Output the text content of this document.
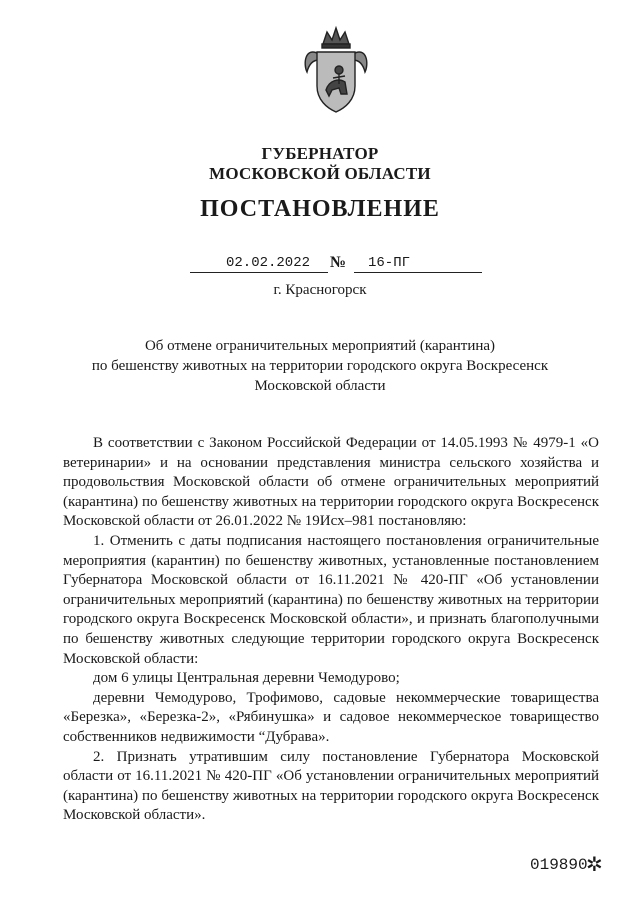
ГУБЕРНАТОР
МОСКОВСКОЙ ОБЛАСТИ
ПОСТАНОВЛЕНИЕ
02.02.2022 № 16-ПГ
г. Красногорск
Об отмене ограничительных мероприятий (карантина)
по бешенству животных на территории городского округа Воскресенск
Московской области

В соответствии с Законом Российской Федерации от 14.05.1993 № 4979-1 «О ветеринарии» и на основании представления министра сельского хозяйства и продовольствия Московской области об отмене ограничительных мероприятий (карантина) по бешенству животных на территории городского округа Воскресенск Московской области от 26.01.2022 № 19Исх–981 постановляю:

1. Отменить с даты подписания настоящего постановления ограничительные мероприятия (карантин) по бешенству животных, установленные постановлением Губернатора Московской области от 16.11.2021 № 420-ПГ «Об установлении ограничительных мероприятий (карантина) по бешенству животных на территории городского округа Воскресенск Московской области», и признать благополучными по бешенству животных следующие территории городского округа Воскресенск Московской области:

дом 6 улицы Центральная деревни Чемодурово;

деревни Чемодурово, Трофимово, садовые некоммерческие товарищества «Березка», «Березка-2», «Рябинушка» и садовое некоммерческое товарищество собственников недвижимости “Дубрава».

2. Признать утратившим силу постановление Губернатора Московской области от 16.11.2021 № 420-ПГ «Об установлении ограничительных мероприятий (карантина) по бешенству животных на территории городского округа Воскресенск Московской области».

019890
✲
